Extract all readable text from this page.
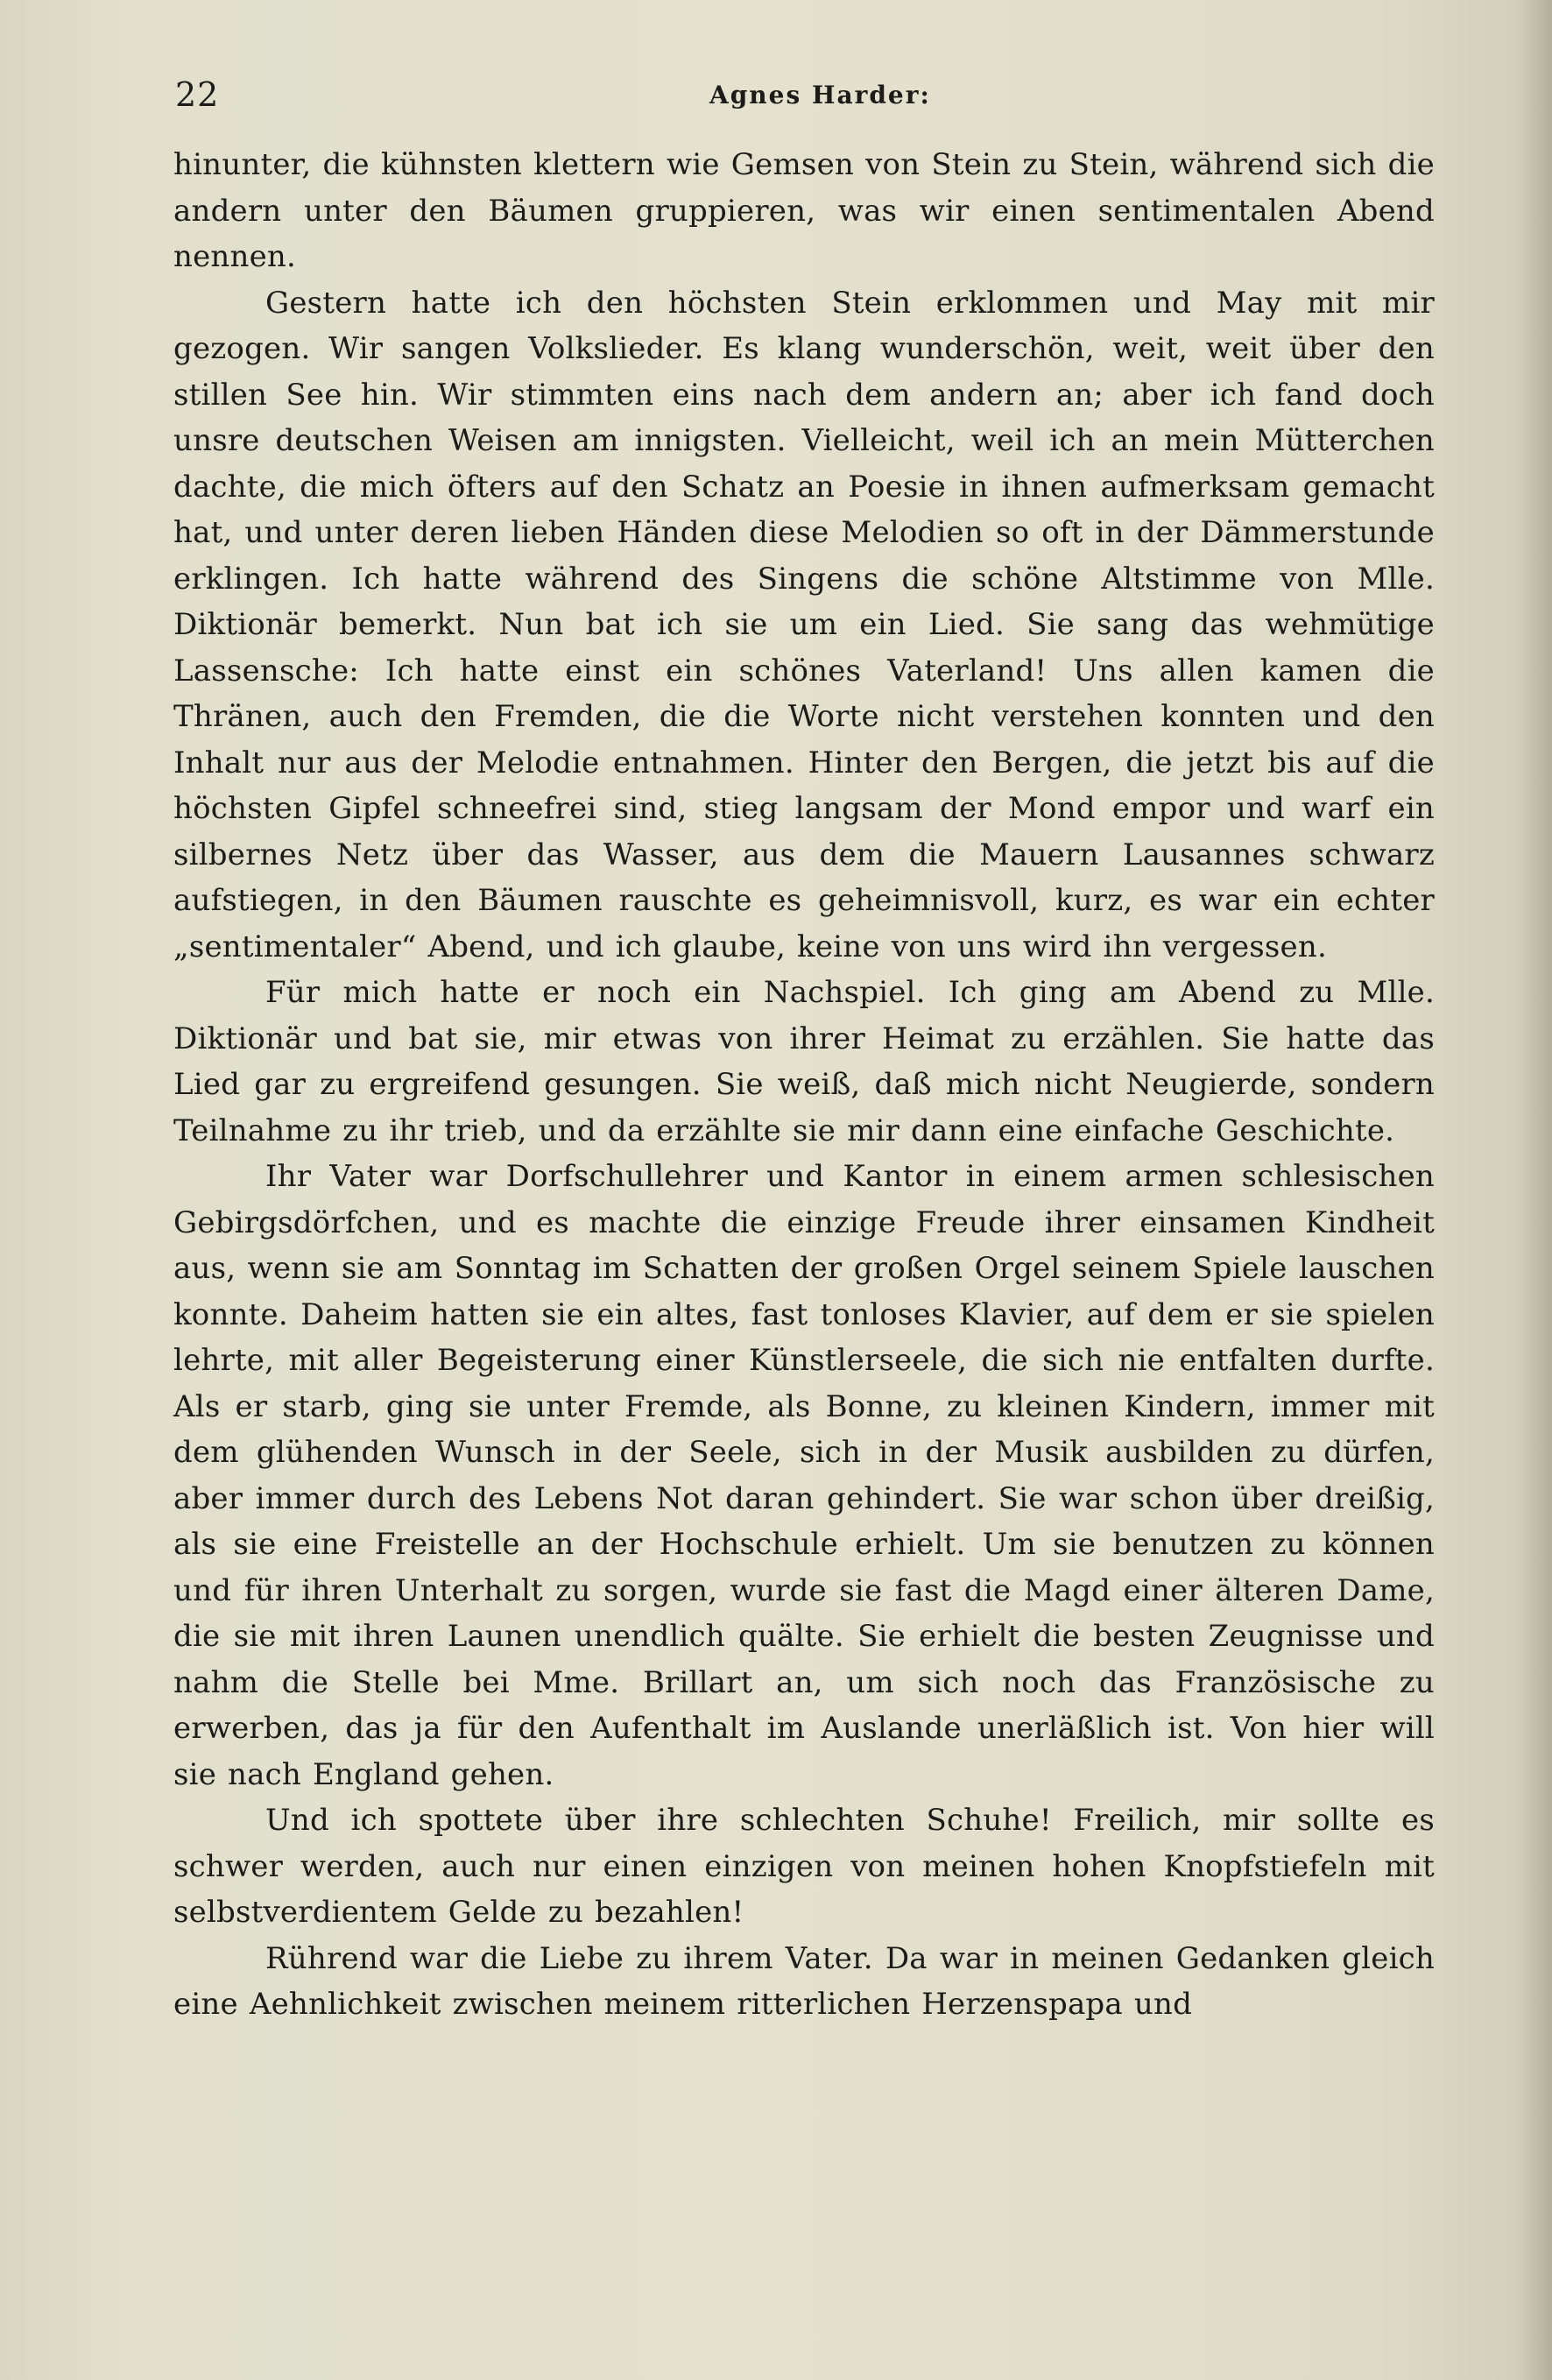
22	Agnes Harder:

hinunter, die kühnsten klettern wie Gemsen von Stein zu Stein, während sich die andern unter den Bäumen gruppieren, was wir einen sentimentalen Abend nennen.

Gestern hatte ich den höchsten Stein erklommen und May mit mir gezogen. Wir sangen Volkslieder. Es klang wunderschön, weit, weit über den stillen See hin. Wir stimmten eins nach dem andern an; aber ich fand doch unsre deutschen Weisen am innigsten. Vielleicht, weil ich an mein Mütterchen dachte, die mich öfters auf den Schatz an Poesie in ihnen aufmerksam gemacht hat, und unter deren lieben Händen diese Melodien so oft in der Dämmerstunde erklingen. Ich hatte während des Singens die schöne Altstimme von Mlle. Diktionär bemerkt. Nun bat ich sie um ein Lied. Sie sang das wehmütige Lassensche: Ich hatte einst ein schönes Vaterland! Uns allen kamen die Thränen, auch den Fremden, die die Worte nicht verstehen konnten und den Inhalt nur aus der Melodie entnahmen. Hinter den Bergen, die jetzt bis auf die höchsten Gipfel schneefrei sind, stieg langsam der Mond empor und warf ein silbernes Netz über das Wasser, aus dem die Mauern Lausannes schwarz aufstiegen, in den Bäumen rauschte es geheimnisvoll, kurz, es war ein echter „sentimentaler“ Abend, und ich glaube, keine von uns wird ihn vergessen.

Für mich hatte er noch ein Nachspiel. Ich ging am Abend zu Mlle. Diktionär und bat sie, mir etwas von ihrer Heimat zu erzählen. Sie hatte das Lied gar zu ergreifend gesungen. Sie weiß, daß mich nicht Neugierde, sondern Teilnahme zu ihr trieb, und da erzählte sie mir dann eine einfache Geschichte.

Ihr Vater war Dorfschullehrer und Kantor in einem armen schlesischen Gebirgsdörfchen, und es machte die einzige Freude ihrer einsamen Kindheit aus, wenn sie am Sonntag im Schatten der großen Orgel seinem Spiele lauschen konnte. Daheim hatten sie ein altes, fast tonloses Klavier, auf dem er sie spielen lehrte, mit aller Begeisterung einer Künstlerseele, die sich nie entfalten durfte. Als er starb, ging sie unter Fremde, als Bonne, zu kleinen Kindern, immer mit dem glühenden Wunsch in der Seele, sich in der Musik ausbilden zu dürfen, aber immer durch des Lebens Not daran gehindert. Sie war schon über dreißig, als sie eine Freistelle an der Hochschule erhielt. Um sie benutzen zu können und für ihren Unterhalt zu sorgen, wurde sie fast die Magd einer älteren Dame, die sie mit ihren Launen unendlich quälte. Sie erhielt die besten Zeugnisse und nahm die Stelle bei Mme. Brillart an, um sich noch das Französische zu erwerben, das ja für den Aufenthalt im Auslande unerläßlich ist. Von hier will sie nach England gehen.

Und ich spottete über ihre schlechten Schuhe! Freilich, mir sollte es schwer werden, auch nur einen einzigen von meinen hohen Knopfstiefeln mit selbstverdientem Gelde zu bezahlen!

Rührend war die Liebe zu ihrem Vater. Da war in meinen Gedanken gleich eine Aehnlichkeit zwischen meinem ritterlichen Herzenspapa und
